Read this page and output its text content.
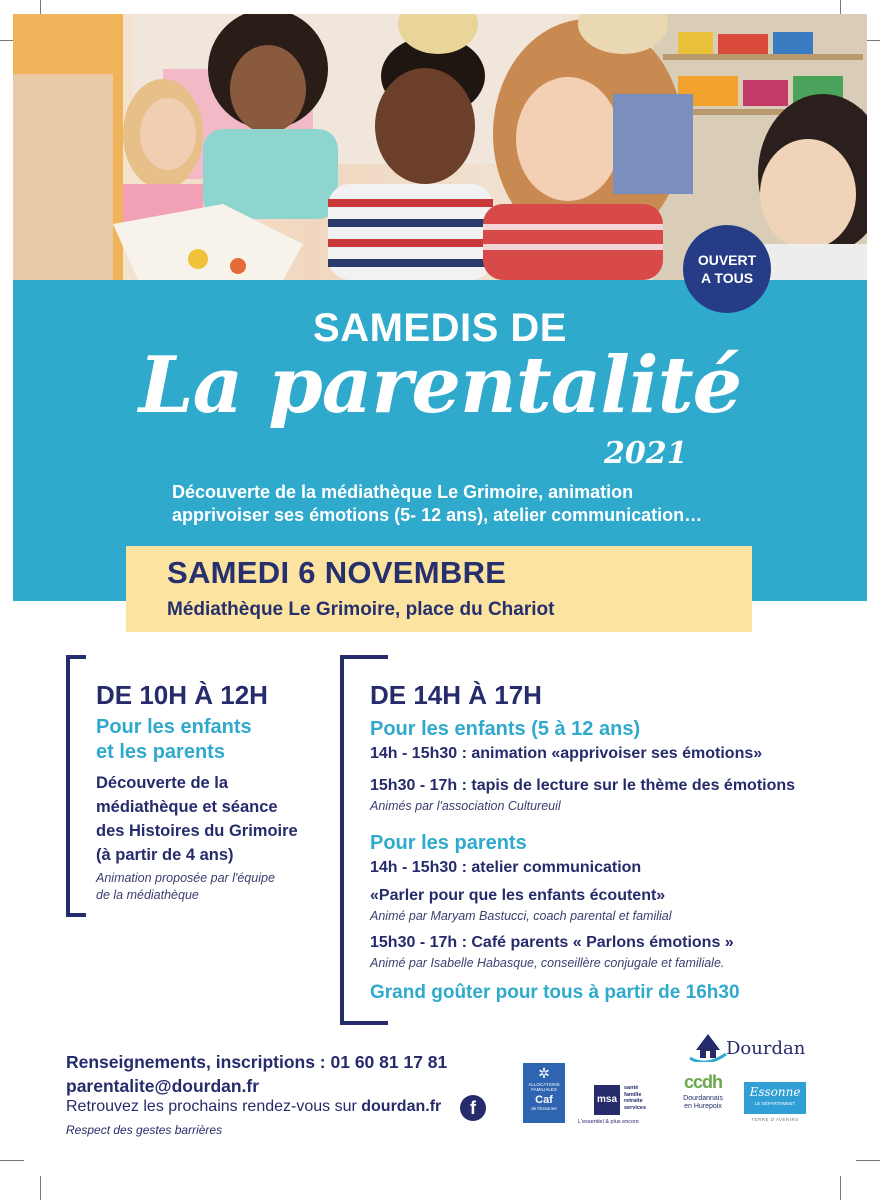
OUVERT
A TOUS
SAMEDIS DE
La parentalité
2021
Découverte de la médiathèque Le Grimoire, animation
apprivoiser ses émotions (5- 12 ans), atelier communication…
SAMEDI 6 NOVEMBRE
Médiathèque Le Grimoire, place du Chariot
DE 10H À 12H
Pour les enfants
et les parents
Découverte de la
médiathèque et séance
des Histoires du Grimoire
(à partir de 4 ans)
Animation proposée par l'équipe
de la médiathèque
DE 14H À 17H
Pour les enfants (5 à 12 ans)
14h - 15h30 : animation «apprivoiser ses émotions»
15h30 - 17h : tapis de lecture sur le thème des émotions
Animés par l'association Cultureuil
Pour les parents
14h - 15h30 : atelier communication
«Parler pour que les enfants écoutent»
Animé par Maryam Bastucci, coach parental et familial
15h30 - 17h : Café parents « Parlons émotions »
Animé par Isabelle Habasque, conseillère conjugale et familiale.
Grand goûter pour tous à partir de 16h30
Renseignements, inscriptions : 01 60 81 17 81
parentalite@dourdan.fr
Retrouvez les prochains rendez-vous sur dourdan.fr	f
Respect des gestes barrières
Dourdan
✲
ALLOCATIONS
FAMILIALES
Caf
de l'Essonne
msa
santé
famille
retraite
services
L'essentiel & plus encore
ccdh
Dourdannais
en Hurepoix
Essonne
LE DÉPARTEMENT
TERRE D'AVENIRS
